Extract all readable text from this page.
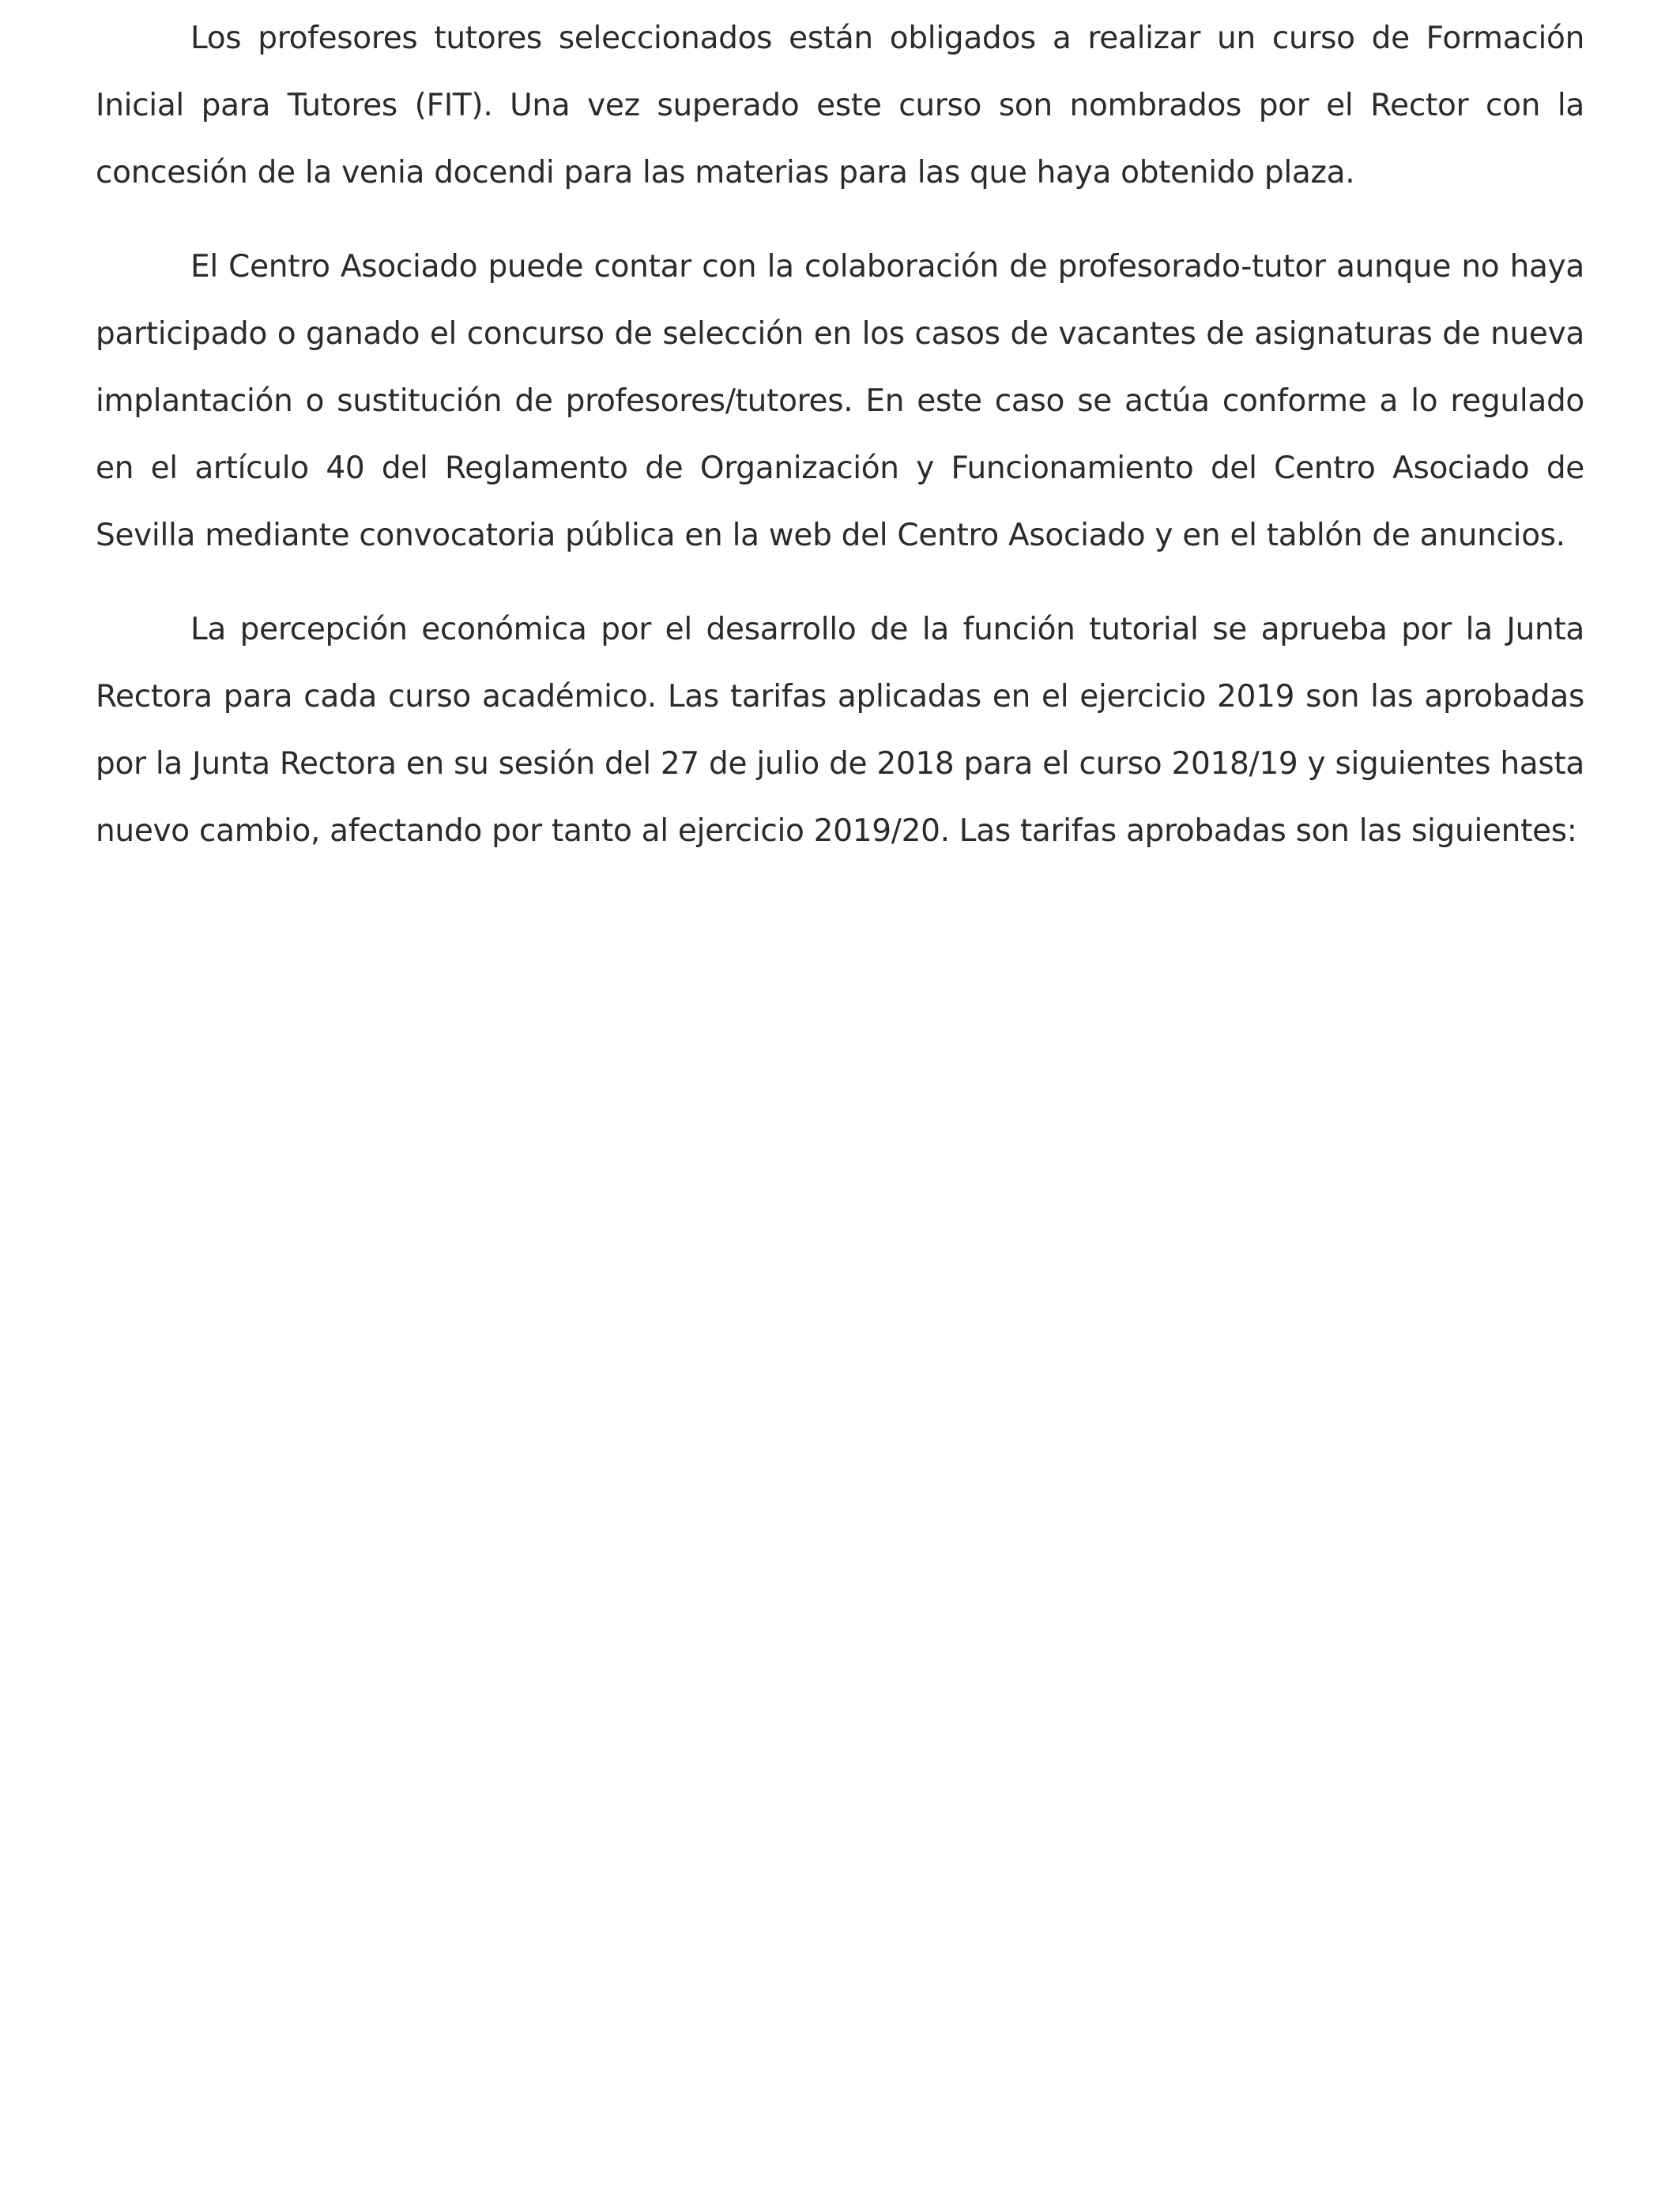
Los profesores tutores seleccionados están obligados a realizar un curso de Formación Inicial para Tutores (FIT). Una vez superado este curso son nombrados por el Rector con la concesión de la venia docendi para las materias para las que haya obtenido plaza.

El Centro Asociado puede contar con la colaboración de profesorado-tutor aunque no haya participado o ganado el concurso de selección en los casos de vacantes de asignaturas de nueva implantación o sustitución de profesores/tutores. En este caso se actúa conforme a lo regulado en el artículo 40 del Reglamento de Organización y Funcionamiento del Centro Asociado de Sevilla mediante convocatoria pública en la web del Centro Asociado y en el tablón de anuncios.

La percepción económica por el desarrollo de la función tutorial se aprueba por la Junta Rectora para cada curso académico. Las tarifas aplicadas en el ejercicio 2019 son las aprobadas por la Junta Rectora en su sesión del 27 de julio de 2018 para el curso 2018/19 y siguientes hasta nuevo cambio, afectando por tanto al ejercicio 2019/20. Las tarifas aprobadas son las siguientes:
